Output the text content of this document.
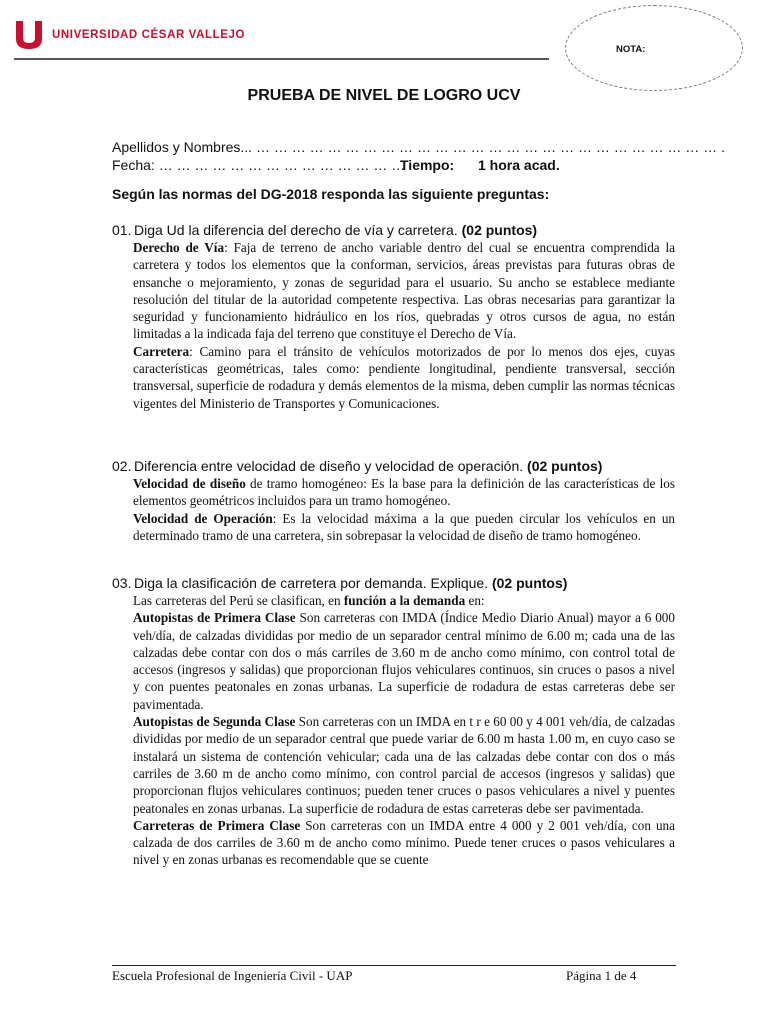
UNIVERSIDAD CÉSAR VALLEJO
NOTA:
PRUEBA DE NIVEL DE LOGRO UCV
Apellidos y Nombres... … … … … … … … … … … … … … … … … … … … … … … … … … … .
Fecha: … … … … … … … … … … … … … …
Tiempo: 1 hora acad.
Según las normas del DG-2018 responda las siguiente preguntas:
01. Diga Ud la diferencia del derecho de vía y carretera. (02 puntos)

Derecho de Vía: Faja de terreno de ancho variable dentro del cual se encuentra comprendida la carretera y todos los elementos que la conforman, servicios, áreas previstas para futuras obras de ensanche o mejoramiento, y zonas de seguridad para el usuario. Su ancho se establece mediante resolución del titular de la autoridad competente respectiva. Las obras necesarias para garantizar la seguridad y funcionamiento hidráulico en los ríos, quebradas y otros cursos de agua, no están limitadas a la indicada faja del terreno que constituye el Derecho de Vía.

Carretera: Camino para el tránsito de vehículos motorizados de por lo menos dos ejes, cuyas características geométricas, tales como: pendiente longitudinal, pendiente transversal, sección transversal, superficie de rodadura y demás elementos de la misma, deben cumplir las normas técnicas vigentes del Ministerio de Transportes y Comunicaciones.

02. Diferencia entre velocidad de diseño y velocidad de operación. (02 puntos)

Velocidad de diseño de tramo homogéneo: Es la base para la definición de las características de los elementos geométricos incluidos para un tramo homogéneo.

Velocidad de Operación: Es la velocidad máxima a la que pueden circular los vehículos en un determinado tramo de una carretera, sin sobrepasar la velocidad de diseño de tramo homogéneo.

03. Diga la clasificación de carretera por demanda. Explique. (02 puntos)

Las carreteras del Perú se clasifican, en función a la demanda en:

Autopistas de Primera Clase Son carreteras con IMDA (Índice Medio Diario Anual) mayor a 6 000 veh/día, de calzadas divididas por medio de un separador central mínimo de 6.00 m; cada una de las calzadas debe contar con dos o más carriles de 3.60 m de ancho como mínimo, con control total de accesos (ingresos y salidas) que proporcionan flujos vehiculares continuos, sin cruces o pasos a nivel y con puentes peatonales en zonas urbanas. La superficie de rodadura de estas carreteras debe ser pavimentada.

Autopistas de Segunda Clase Son carreteras con un IMDA en t r e 60 00 y 4 001 veh/día, de calzadas divididas por medio de un separador central que puede variar de 6.00 m hasta 1.00 m, en cuyo caso se instalará un sistema de contención vehicular; cada una de las calzadas debe contar con dos o más carriles de 3.60 m de ancho como mínimo, con control parcial de accesos (ingresos y salidas) que proporcionan flujos vehiculares continuos; pueden tener cruces o pasos vehiculares a nivel y puentes peatonales en zonas urbanas. La superficie de rodadura de estas carreteras debe ser pavimentada.

Carreteras de Primera Clase Son carreteras con un IMDA entre 4 000 y 2 001 veh/día, con una calzada de dos carriles de 3.60 m de ancho como mínimo. Puede tener cruces o pasos vehiculares a nivel y en zonas urbanas es recomendable que se cuente

Escuela Profesional de Ingeniería Civil - UAP	Página 1 de 4
